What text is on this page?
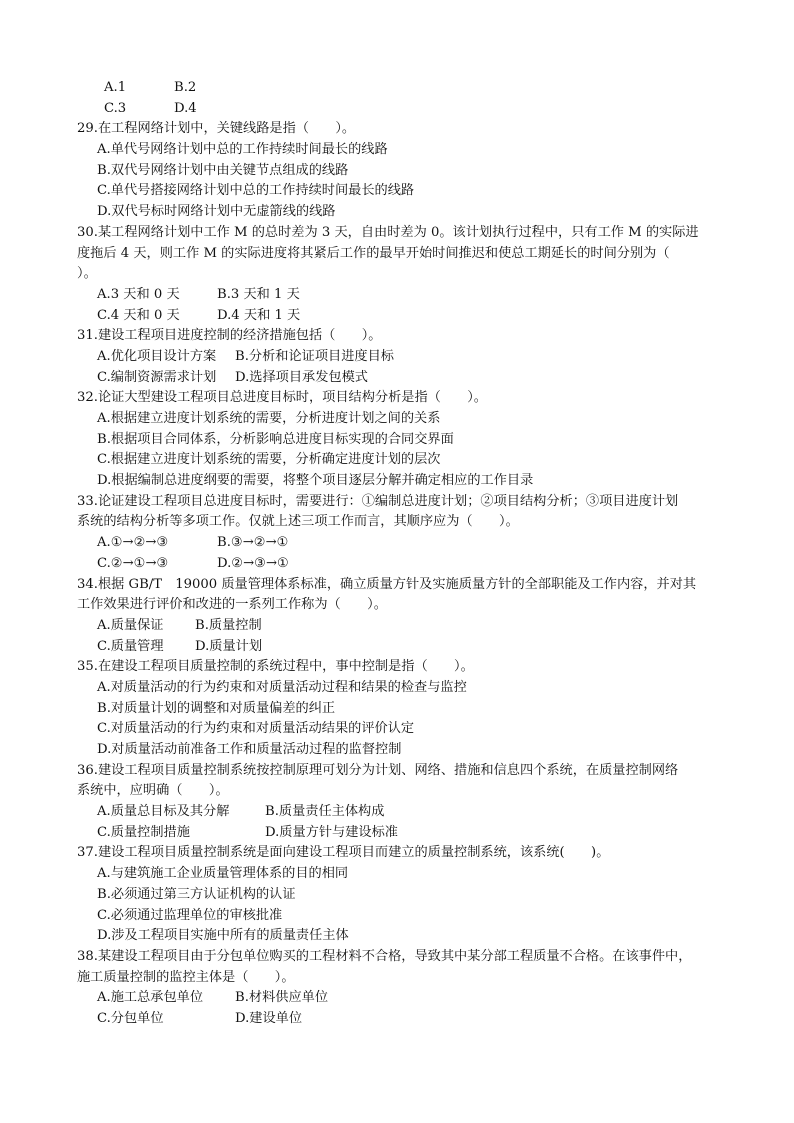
A.1	B.2
C.3	D.4
29.在工程网络计划中，关键线路是指（　　）。
A.单代号网络计划中总的工作持续时间最长的线路
B.双代号网络计划中由关键节点组成的线路
C.单代号搭接网络计划中总的工作持续时间最长的线路
D.双代号标时网络计划中无虚箭线的线路
30.某工程网络计划中工作 M 的总时差为 3 天，自由时差为 0。该计划执行过程中，只有工作 M 的实际进
度拖后 4 天，则工作 M 的实际进度将其紧后工作的最早开始时间推迟和使总工期延长的时间分别为（
）。
A.3 天和 0 天	B.3 天和 1 天
C.4 天和 0 天	D.4 天和 1 天
31.建设工程项目进度控制的经济措施包括（　　）。
A.优化项目设计方案 B.分析和论证项目进度目标
C.编制资源需求计划 D.选择项目承发包模式
32.论证大型建设工程项目总进度目标时，项目结构分析是指（　　）。
A.根据建立进度计划系统的需要，分析进度计划之间的关系
B.根据项目合同体系，分析影响总进度目标实现的合同交界面
C.根据建立进度计划系统的需要，分析确定进度计划的层次
D.根据编制总进度纲要的需要，将整个项目逐层分解并确定相应的工作目录
33.论证建设工程项目总进度目标时，需要进行：①编制总进度计划；②项目结构分析；③项目进度计划
系统的结构分析等多项工作。仅就上述三项工作而言，其顺序应为（　　）。
A.①→②→③	B.③→②→①
C.②→①→③	D.②→③→①
34.根据 GB/T　19000 质量管理体系标准，确立质量方针及实施质量方针的全部职能及工作内容，并对其
工作效果进行评价和改进的一系列工作称为（　　）。
A.质量保证 B.质量控制
C.质量管理 D.质量计划
35.在建设工程项目质量控制的系统过程中，事中控制是指（　　）。
A.对质量活动的行为约束和对质量活动过程和结果的检查与监控
B.对质量计划的调整和对质量偏差的纠正
C.对质量活动的行为约束和对质量活动结果的评价认定
D.对质量活动前准备工作和质量活动过程的监督控制
36.建设工程项目质量控制系统按控制原理可划分为计划、网络、措施和信息四个系统，在质量控制网络
系统中，应明确（　　）。
A.质量总目标及其分解	B.质量责任主体构成
C.质量控制措施	D.质量方针与建设标准
37.建设工程项目质量控制系统是面向建设工程项目而建立的质量控制系统，该系统(　　)。
A.与建筑施工企业质量管理体系的目的相同
B.必须通过第三方认证机构的认证
C.必须通过监理单位的审核批准
D.涉及工程项目实施中所有的质量责任主体
38.某建设工程项目由于分包单位购买的工程材料不合格，导致其中某分部工程质量不合格。在该事件中，
施工质量控制的监控主体是（　　）。
A.施工总承包单位 B.材料供应单位
C.分包单位	D.建设单位
